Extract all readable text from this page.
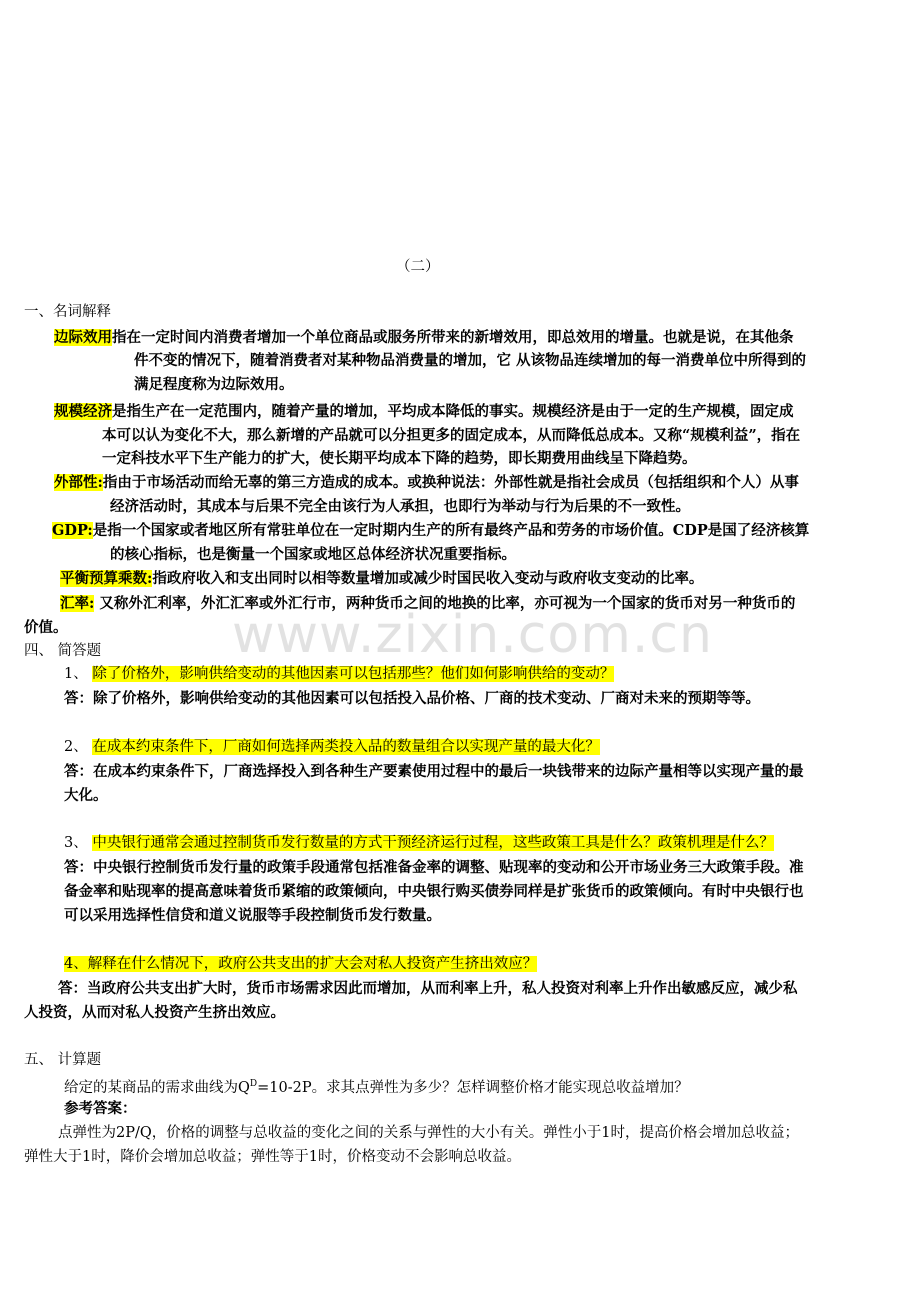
www.zixin.com.cn
（二）
一、名词解释
边际效用指在一定时间内消费者增加一个单位商品或服务所带来的新增效用，即总效用的增量。也就是说，在其他条
件不变的情况下，随着消费者对某种物品消费量的增加，它 从该物品连续增加的每一消费单位中所得到的
满足程度称为边际效用。
规模经济是指生产在一定范围内，随着产量的增加，平均成本降低的事实。规模经济是由于一定的生产规模，固定成
本可以认为变化不大，那么新增的产品就可以分担更多的固定成本，从而降低总成本。又称“规模利益”，指在
一定科技水平下生产能力的扩大，使长期平均成本下降的趋势，即长期费用曲线呈下降趋势。
外部性:指由于市场活动而给无辜的第三方造成的成本。或换种说法：外部性就是指社会成员（包括组织和个人）从事
经济活动时，其成本与后果不完全由该行为人承担，也即行为举动与行为后果的不一致性。
GDP:是指一个国家或者地区所有常驻单位在一定时期内生产的所有最终产品和劳务的市场价值。CDP是国了经济核算
的核心指标，也是衡量一个国家或地区总体经济状况重要指标。
平衡预算乘数:指政府收入和支出同时以相等数量增加或减少时国民收入变动与政府收支变动的比率。
汇率: 又称外汇利率，外汇汇率或外汇行市，两种货币之间的地换的比率，亦可视为一个国家的货币对另一种货币的
价值。
四、 简答题
1、 除了价格外，影响供给变动的其他因素可以包括那些？他们如何影响供给的变动？
答：除了价格外，影响供给变动的其他因素可以包括投入品价格、厂商的技术变动、厂商对未来的预期等等。
2、 在成本约束条件下，厂商如何选择两类投入品的数量组合以实现产量的最大化？
答：在成本约束条件下，厂商选择投入到各种生产要素使用过程中的最后一块钱带来的边际产量相等以实现产量的最
大化。
3、 中央银行通常会通过控制货币发行数量的方式干预经济运行过程，这些政策工具是什么？政策机理是什么？
答：中央银行控制货币发行量的政策手段通常包括准备金率的调整、贴现率的变动和公开市场业务三大政策手段。准
备金率和贴现率的提高意味着货币紧缩的政策倾向，中央银行购买债券同样是扩张货币的政策倾向。有时中央银行也
可以采用选择性信贷和道义说服等手段控制货币发行数量。
4、解释在什么情况下，政府公共支出的扩大会对私人投资产生挤出效应？
答：当政府公共支出扩大时，货币市场需求因此而增加，从而利率上升，私人投资对利率上升作出敏感反应，减少私
人投资，从而对私人投资产生挤出效应。
五、 计算题
给定的某商品的需求曲线为$Q^D=10-2P$。求其点弹性为多少？怎样调整价格才能实现总收益增加？
参考答案：
点弹性为2P/Q，价格的调整与总收益的变化之间的关系与弹性的大小有关。弹性小于1时，提高价格会增加总收益；
弹性大于1时，降价会增加总收益；弹性等于1时，价格变动不会影响总收益。
